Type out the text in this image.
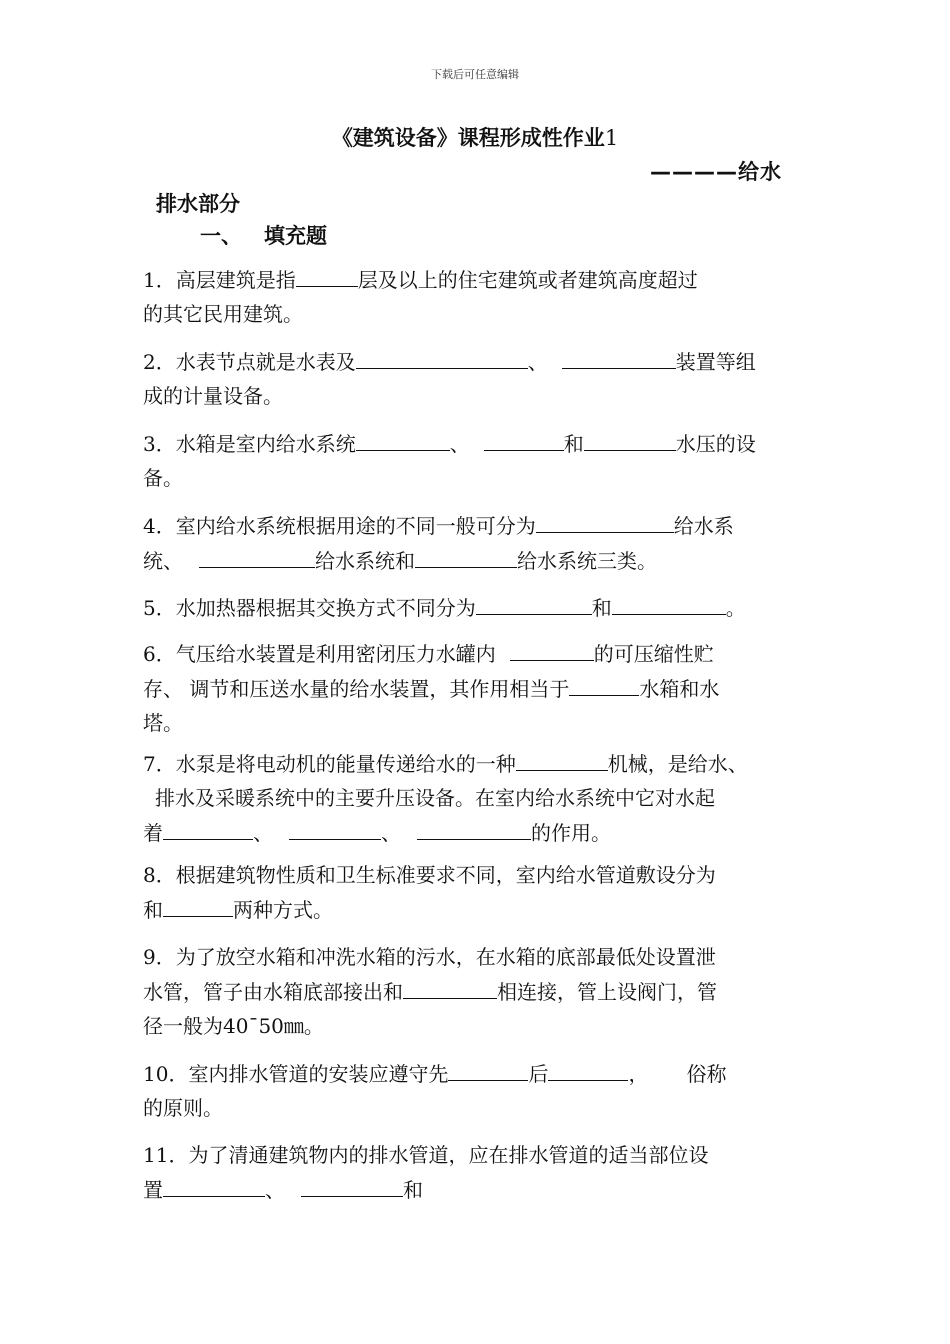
下载后可任意编辑
《建筑设备》课程形成性作业1
————给水
排水部分
一、 填充题
1．高层建筑是指	层及以上的住宅建筑或者建筑高度超过
的其它民用建筑。
2．水表节点就是水表及	、	装置等组
成的计量设备。
3．水箱是室内给水系统	、	和	水压的设
备。
4．室内给水系统根据用途的不同一般可分为	给水系
统、	给水系统和	给水系统三类。
5．水加热器根据其交换方式不同分为	和	。
6．气压给水装置是利用密闭压力水罐内	的可压缩性贮
存、 调节和压送水量的给水装置，其作用相当于	水箱和水
塔。
7．水泵是将电动机的能量传递给水的一种	机械，是给水、
排水及采暖系统中的主要升压设备。在室内给水系统中它对水起
着	、	、	的作用。
8．根据建筑物性质和卫生标准要求不同，室内给水管道敷设分为
和	两种方式。
9．为了放空水箱和冲洗水箱的污水，在水箱的底部最低处设置泄
水管，管子由水箱底部接出和	相连接，管上设阀门，管
径一般为40¯50㎜。
10．室内排水管道的安装应遵守先	后	， 俗称
的原则。
11．为了清通建筑物内的排水管道，应在排水管道的适当部位设
置	、	和
